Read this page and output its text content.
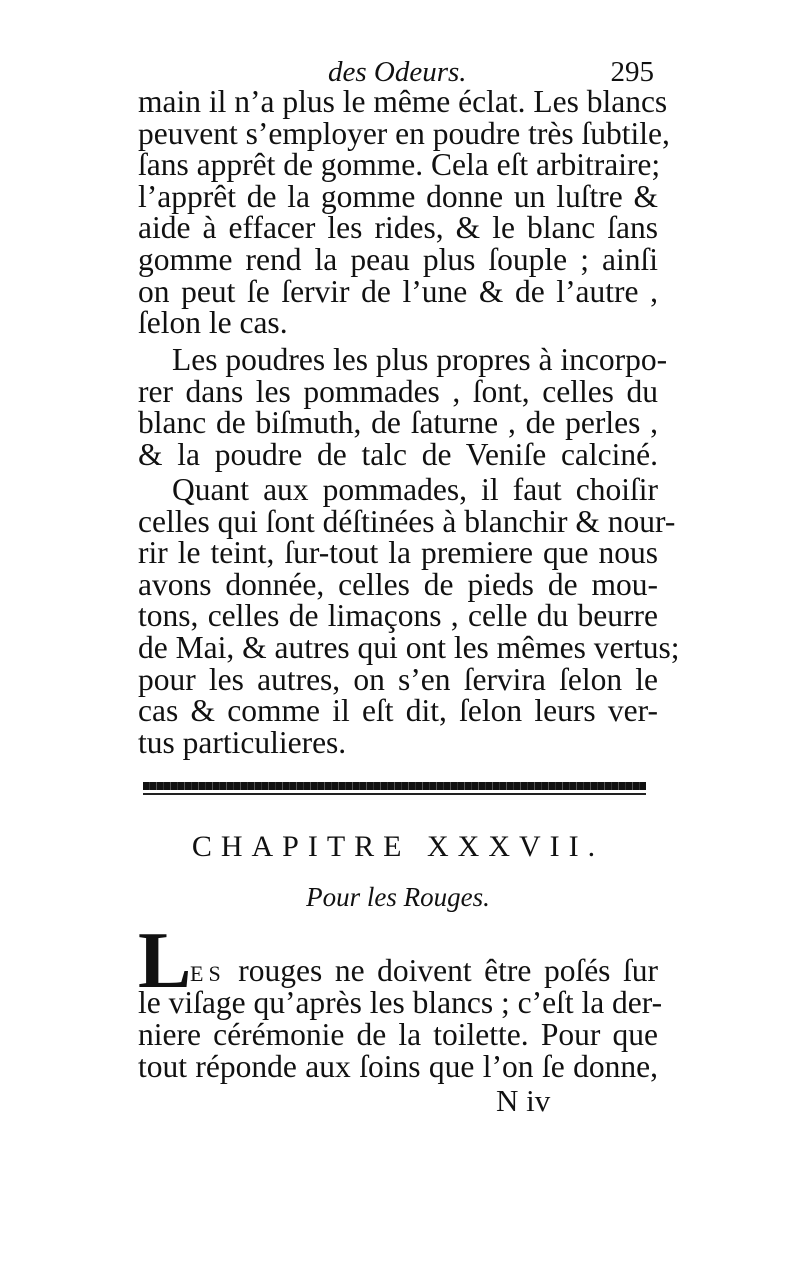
des Odeurs.	295
main il n’a plus le même éclat. Les blancs
peuvent s’employer en poudre très ſubtile,
ſans apprêt de gomme. Cela eſt arbitraire;
l’apprêt de la gomme donne un luſtre &
aide à effacer les rides, & le blanc ſans
gomme rend la peau plus ſouple ; ainſi
on peut ſe ſervir de l’une & de l’autre ,
ſelon le cas.
Les poudres les plus propres à incorpo-
rer dans les pommades , ſont, celles du
blanc de biſmuth, de ſaturne , de perles ,
& la poudre de talc de Veniſe calciné.
Quant aux pommades, il faut choiſir
celles qui ſont déſtinées à blanchir & nour-
rir le teint, ſur-tout la premiere que nous
avons donnée, celles de pieds de mou-
tons, celles de limaçons , celle du beurre
de Mai, & autres qui ont les mêmes vertus;
pour les autres, on s’en ſervira ſelon le
cas & comme il eſt dit, ſelon leurs ver-
tus particulieres.
CHAPITRE XXXVII.
Pour les Rouges.
L
ES rouges ne doivent être poſés ſur
le viſage qu’après les blancs ; c’eſt la der-
niere cérémonie de la toilette. Pour que
tout réponde aux ſoins que l’on ſe donne,
N iv
